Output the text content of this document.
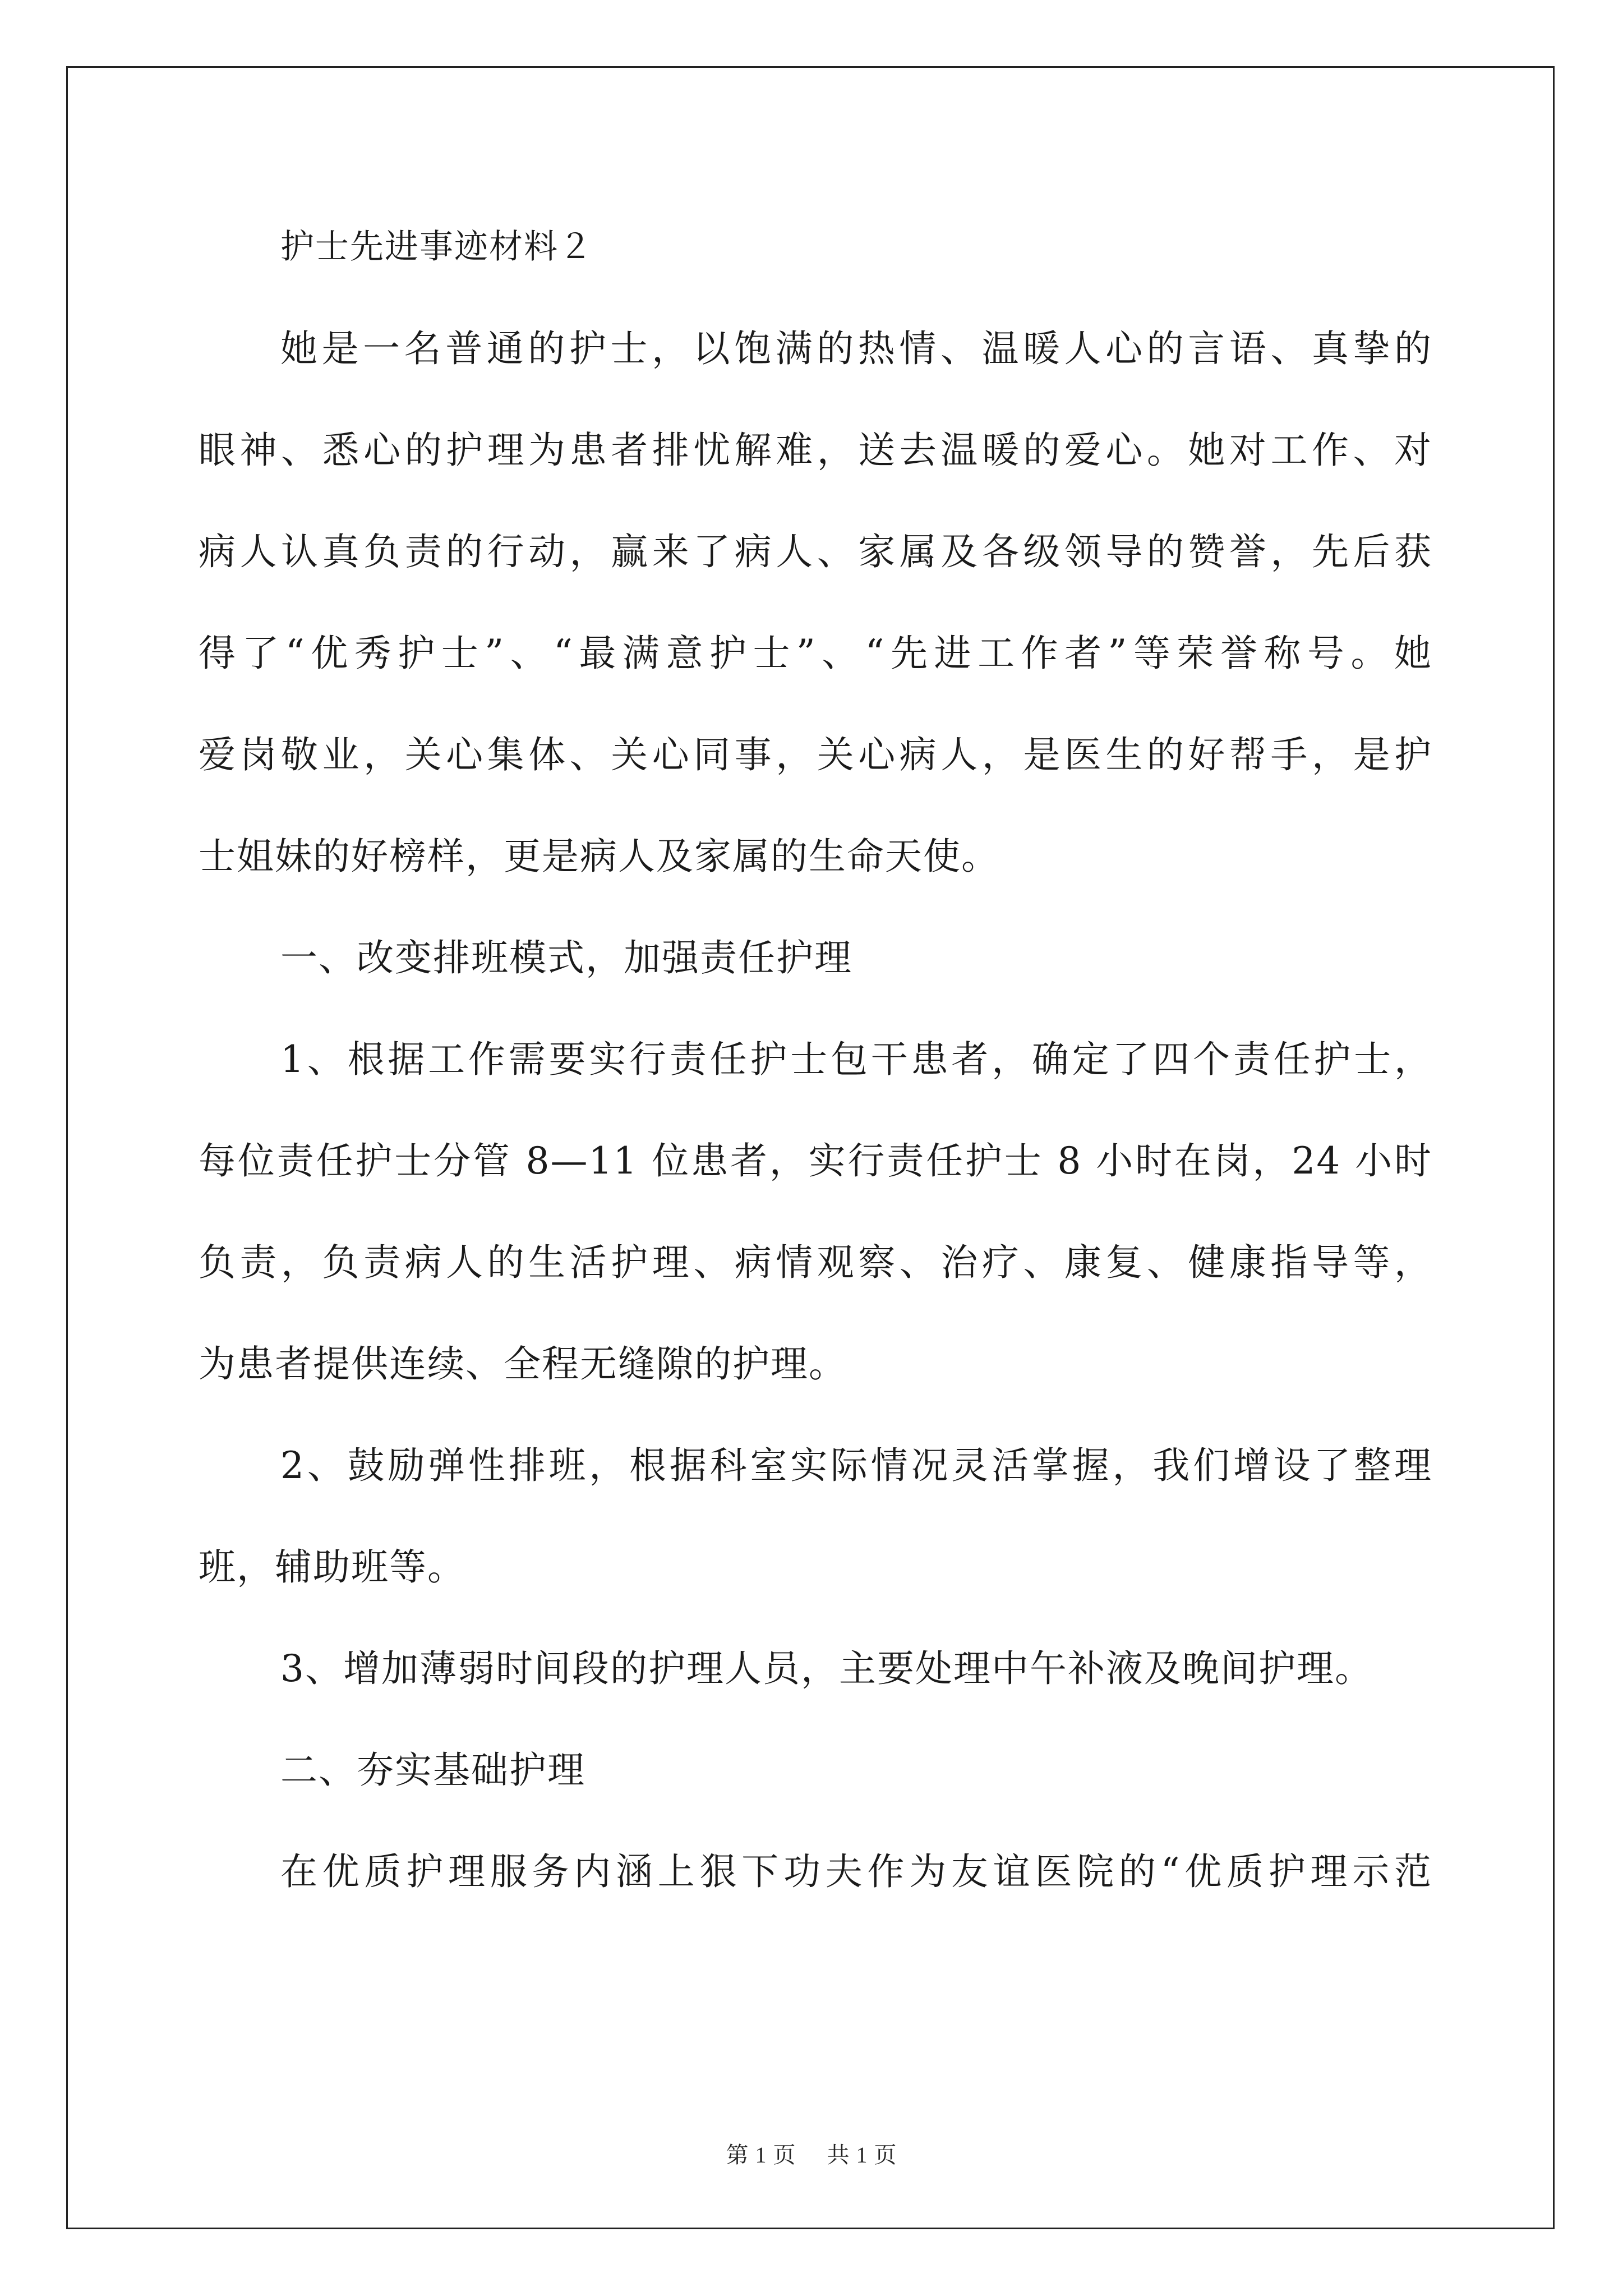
护士先进事迹材料２
她是一名普通的护士，以饱满的热情、温暖人心的言语、真挚的
眼神、悉心的护理为患者排忧解难，送去温暖的爱心。她对工作、对
病人认真负责的行动，赢来了病人、家属及各级领导的赞誉，先后获
得了“优秀护士”、“最满意护士”、“先进工作者”等荣誉称号。她
爱岗敬业，关心集体、关心同事，关心病人，是医生的好帮手，是护
士姐妹的好榜样，更是病人及家属的生命天使。
一、改变排班模式，加强责任护理
1、根据工作需要实行责任护士包干患者，确定了四个责任护士，
每位责任护士分管 8—11 位患者，实行责任护士 8 小时在岗，24 小时
负责，负责病人的生活护理、病情观察、治疗、康复、健康指导等，
为患者提供连续、全程无缝隙的护理。
2、鼓励弹性排班，根据科室实际情况灵活掌握，我们增设了整理
班，辅助班等。
3、增加薄弱时间段的护理人员，主要处理中午补液及晚间护理。
二、夯实基础护理
在优质护理服务内涵上狠下功夫作为友谊医院的“优质护理示范
第 1 页 共 1 页
